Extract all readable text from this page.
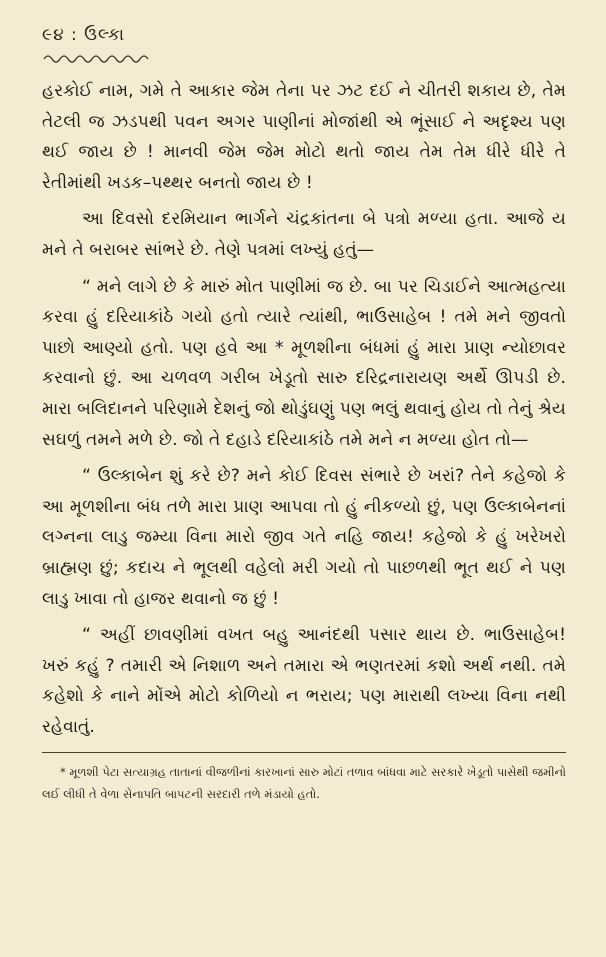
૯૪ : ઉલ્કા

હરકોઈ નામ, ગમે તે આકાર જેમ તેના પર ઝટ દઈ ને ચીતરી શકાય છે, તેમ તેટલી જ ઝડપથી પવન અગર પાણીનાં મોજાંથી એ ભૂંસાઈ ને અદૃશ્ય પણ થઈ જાય છે ! માનવી જેમ જેમ મોટો થતો જાય તેમ તેમ ધીરે ધીરે તે રેતીમાંથી ખડક–પથ્થર બનતો જાય છે !

આ દિવસો દરમિયાન ભાર્ગને ચંદ્રકાંતના બે પત્રો મળ્યા હતા. આજે ય મને તે બરાબર સાંભરે છે. તેણે પત્રમાં લખ્યું હતું—

“ મને લાગે છે કે મારું મોત પાણીમાં જ છે. બા પર ચિડાઈને આત્મહત્યા કરવા હું દરિયાકાંઠે ગયો હતો ત્યારે ત્યાંથી, ભાઉસાહેબ ! તમે મને જીવતો પાછો આણ્યો હતો. પણ હવે આ * મૂળશીના બંધમાં હું મારા પ્રાણ ન્યોછાવર કરવાનો છું. આ ચળવળ ગરીબ ખેડૂતો સારુ દરિદ્રનારાયણ અર્થે ઊપડી છે. મારા બલિદાનને પરિણામે દેશનું જો થોડુંઘણું પણ ભલું થવાનું હોય તો તેનું શ્રેય સઘળું તમને મળે છે. જો તે દહાડે દરિયાકાંઠે તમે મને ન મળ્યા હોત તો—

“ ઉલ્કાબેન શું કરે છે? મને કોઈ દિવસ સંભારે છે ખરાં? તેને કહેજો કે આ મૂળશીના બંધ તળે મારા પ્રાણ આપવા તો હું નીકળ્યો છું, પણ ઉલ્કાબેનનાં લગ્નના લાડુ જમ્યા વિના મારો જીવ ગતે નહિ જાય! કહેજો કે હું ખરેખરો બ્રાહ્મણ છું; કદાચ ને ભૂલથી વહેલો મરી ગયો તો પાછળથી ભૂત થઈ ને પણ લાડુ ખાવા તો હાજર થવાનો જ છું !

“ અહીં છાવણીમાં વખત બહુ આનંદથી પસાર થાય છે. ભાઉસાહેબ! ખરું કહું ? તમારી એ નિશાળ અને તમારા એ ભણતરમાં કશો અર્થ નથી. તમે કહેશો કે નાને મોંએ મોટો કોળિયો ન ભરાય; પણ મારાથી લખ્યા વિના નથી રહેવાતું.

* મૂળશી પેટા સત્યાગ્રહ તાતાનાં વીજળીનાં કારખાનાં સારુ મોટાં તળાવ બાંધવા માટે સરકારે ખેડૂતો પાસેથી જમીનો લઈ લીધી તે વેળા સેનાપતિ બાપટની સરદારી તળે મંડાયો હતો.
